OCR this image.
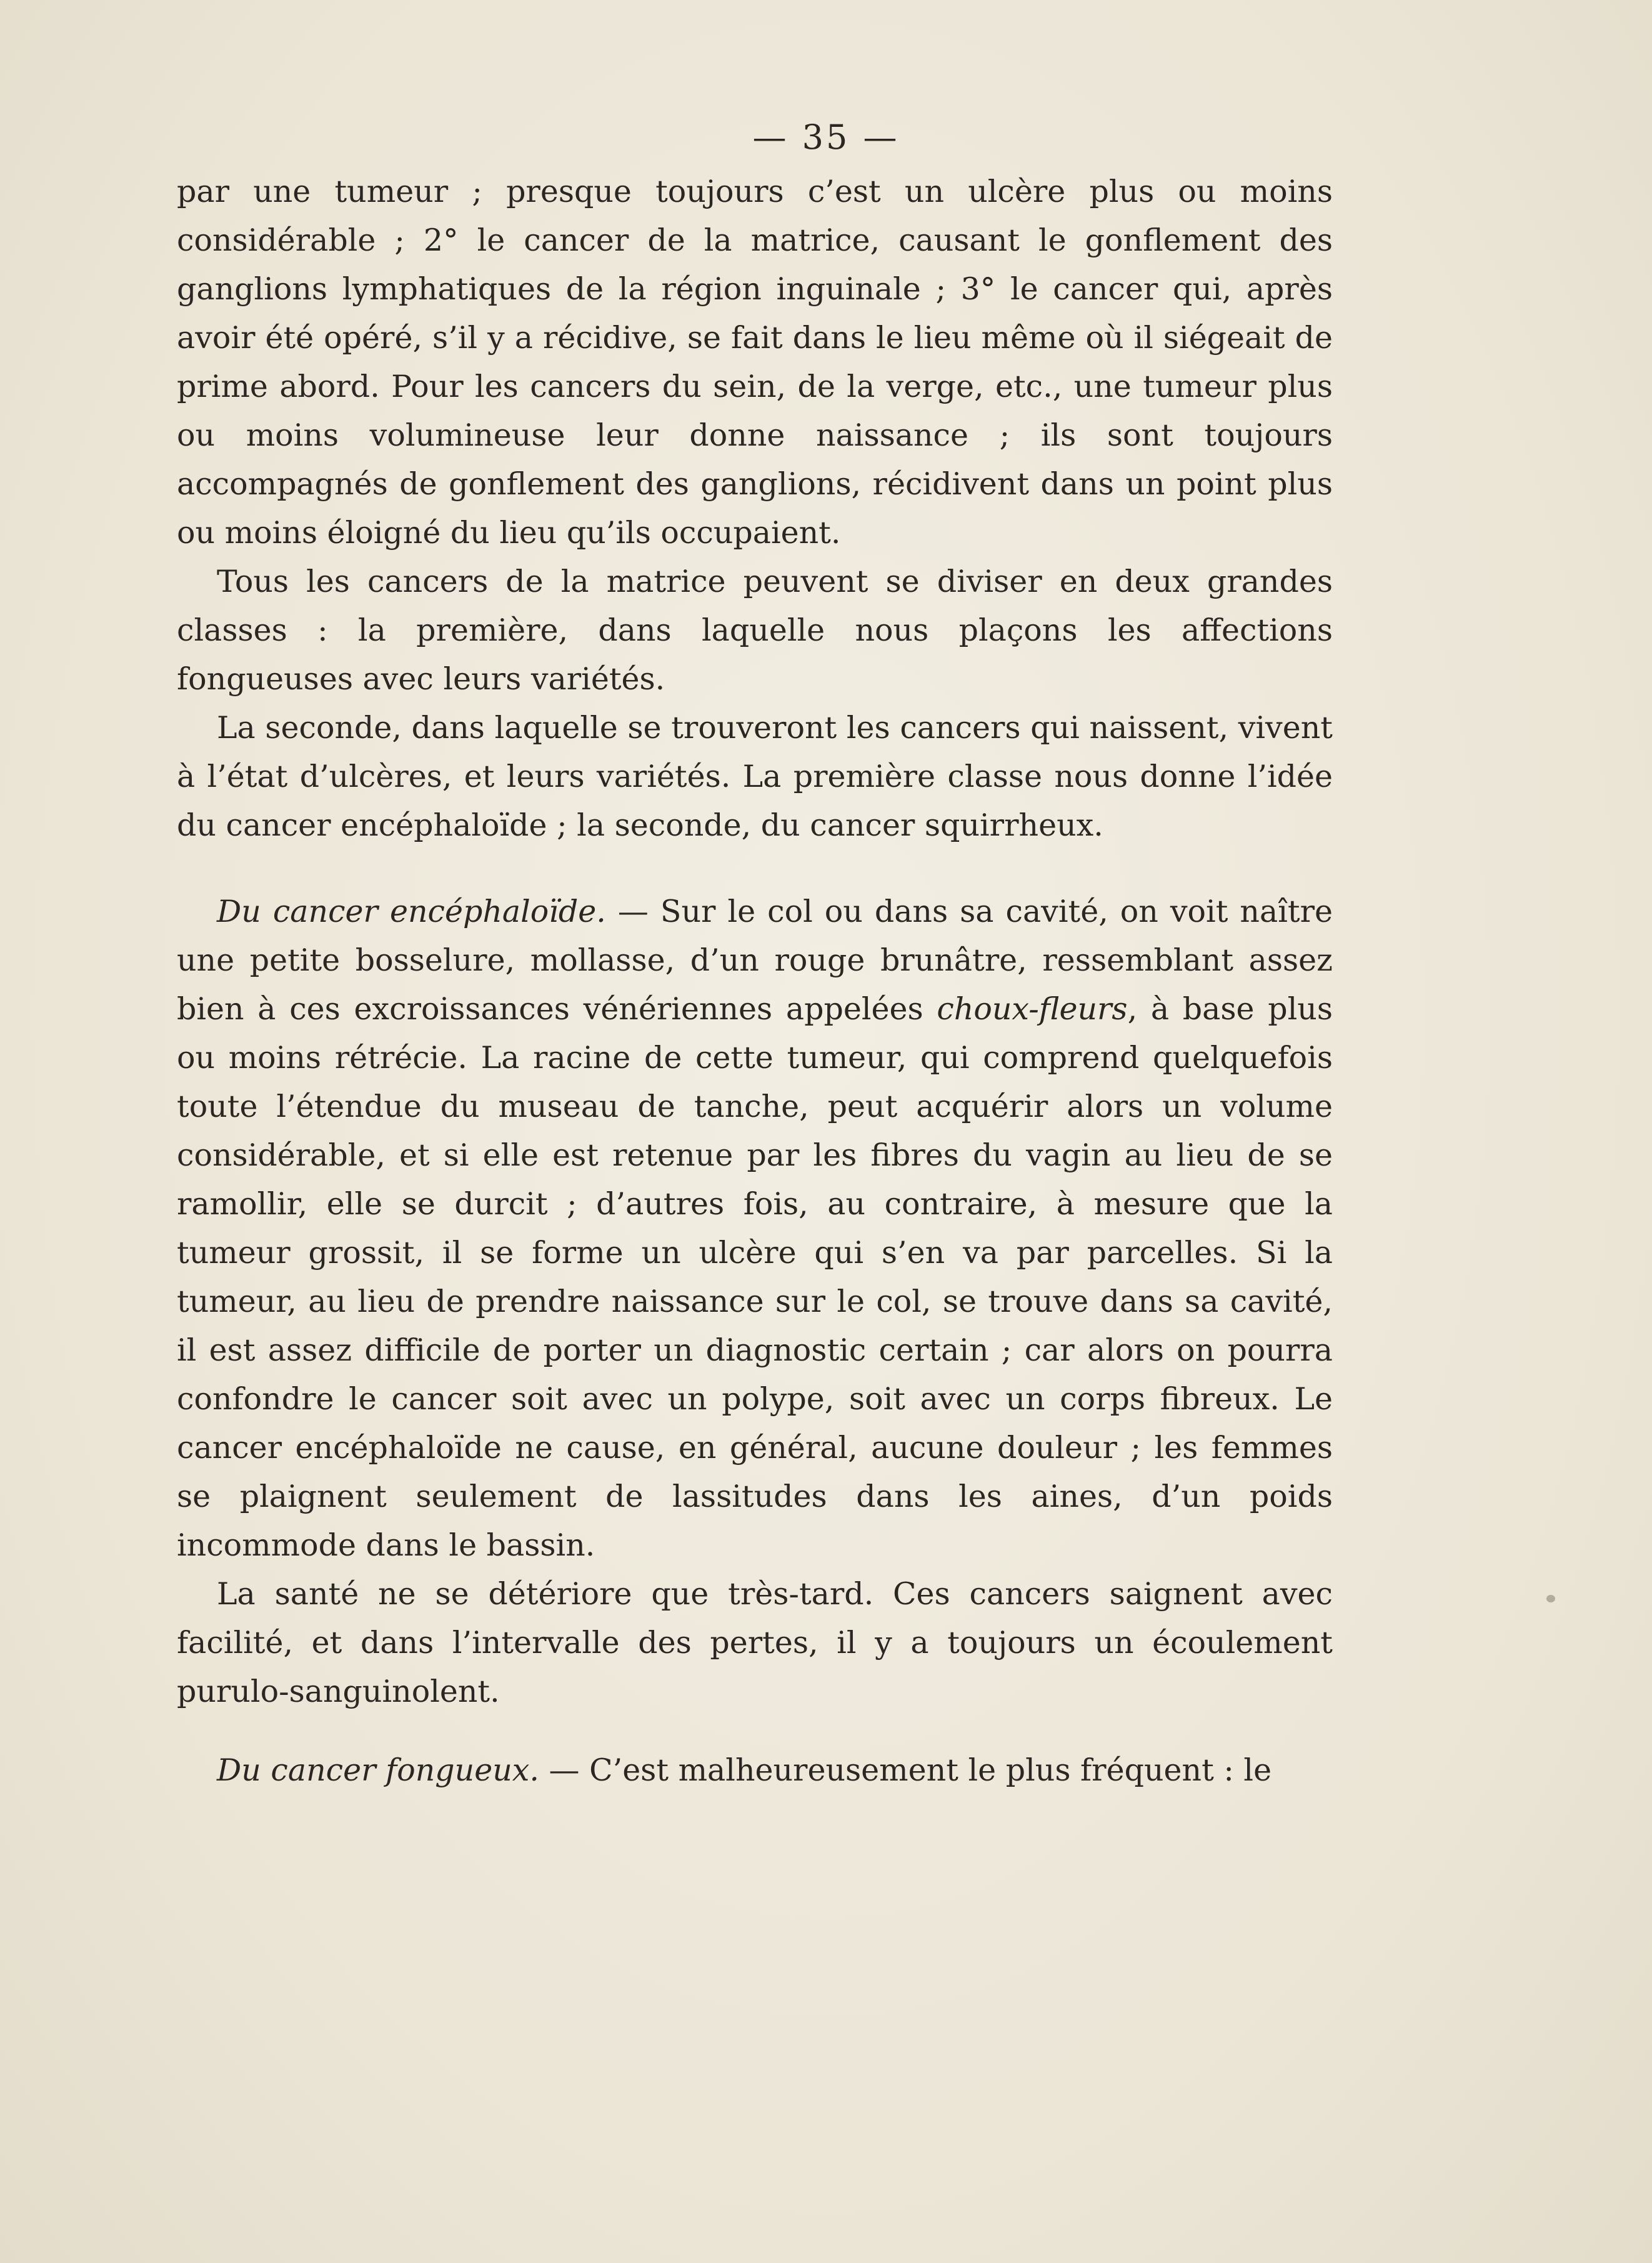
— 35 —

par une tumeur ; presque toujours c’est un ulcère plus ou moins considérable ; 2° le cancer de la matrice, causant le gonflement des ganglions lymphatiques de la région inguinale ; 3° le cancer qui, après avoir été opéré, s’il y a récidive, se fait dans le lieu même où il siégeait de prime abord. Pour les cancers du sein, de la verge, etc., une tumeur plus ou moins volumineuse leur donne naissance ; ils sont toujours accompagnés de gonflement des ganglions, récidivent dans un point plus ou moins éloigné du lieu qu’ils occupaient.

Tous les cancers de la matrice peuvent se diviser en deux grandes classes : la première, dans laquelle nous plaçons les affections fongueuses avec leurs variétés.

La seconde, dans laquelle se trouveront les cancers qui naissent, vivent à l’état d’ulcères, et leurs variétés. La première classe nous donne l’idée du cancer encéphaloïde ; la seconde, du cancer squirrheux.

Du cancer encéphaloïde. — Sur le col ou dans sa cavité, on voit naître une petite bosselure, mollasse, d’un rouge brunâtre, ressemblant assez bien à ces excroissances vénériennes appelées choux-fleurs, à base plus ou moins rétrécie. La racine de cette tumeur, qui comprend quelquefois toute l’étendue du museau de tanche, peut acquérir alors un volume considérable, et si elle est retenue par les fibres du vagin au lieu de se ramollir, elle se durcit ; d’autres fois, au contraire, à mesure que la tumeur grossit, il se forme un ulcère qui s’en va par parcelles. Si la tumeur, au lieu de prendre naissance sur le col, se trouve dans sa cavité, il est assez difficile de porter un diagnostic certain ; car alors on pourra confondre le cancer soit avec un polype, soit avec un corps fibreux. Le cancer encéphaloïde ne cause, en général, aucune douleur ; les femmes se plaignent seulement de lassitudes dans les aines, d’un poids incommode dans le bassin.

La santé ne se détériore que très-tard. Ces cancers saignent avec facilité, et dans l’intervalle des pertes, il y a toujours un écoulement purulo-sanguinolent.

Du cancer fongueux. — C’est malheureusement le plus fréquent : le
